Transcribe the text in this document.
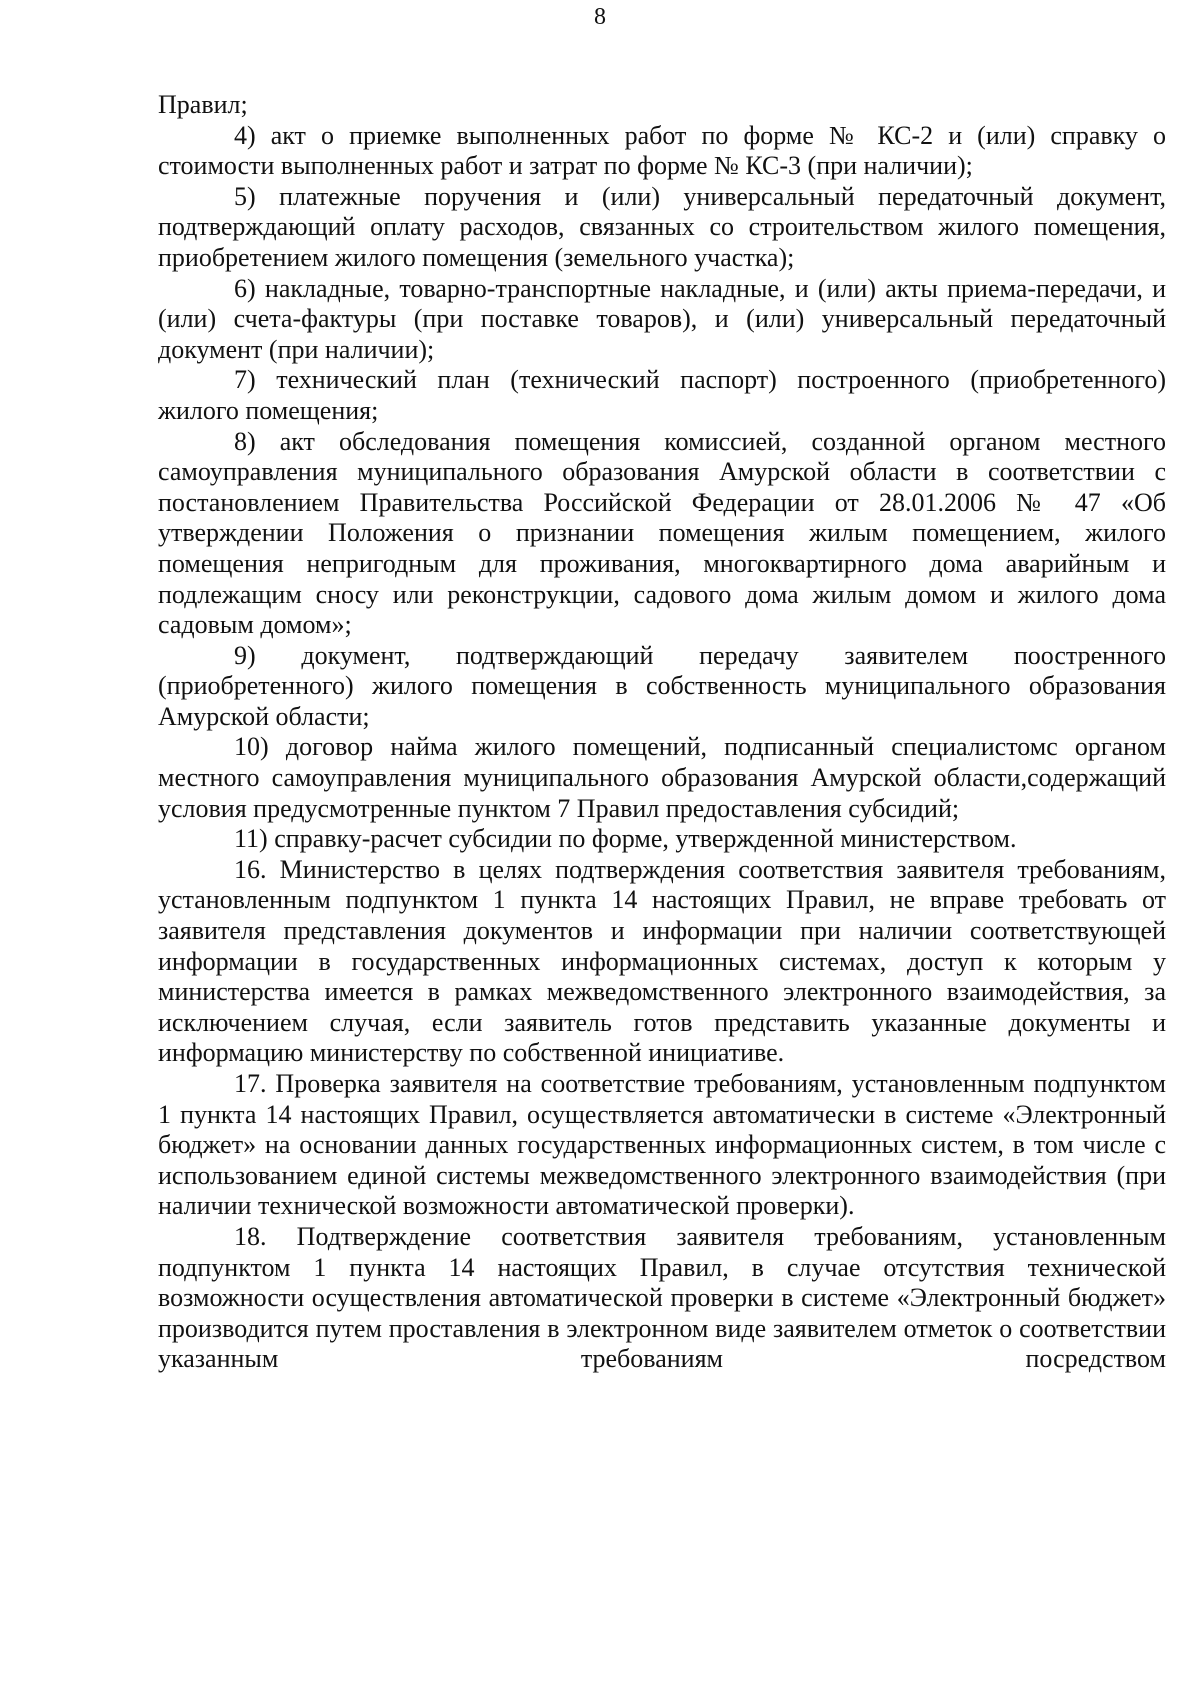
8

Правил;

4) акт о приемке выполненных работ по форме № КС-2 и (или) справку о стоимости выполненных работ и затрат по форме № КС-3 (при наличии);

5) платежные поручения и (или) универсальный передаточный документ, подтверждающий оплату расходов, связанных со строительством жилого помещения, приобретением жилого помещения (земельного участка);

6) накладные, товарно-транспортные накладные, и (или) акты приема-передачи, и (или) счета-фактуры (при поставке товаров), и (или) универсальный передаточный документ (при наличии);

7) технический план (технический паспорт) построенного (приобретенного) жилого помещения;

8) акт обследования помещения комиссией, созданной органом местного самоуправления муниципального образования Амурской области в соответствии с постановлением Правительства Российской Федерации от 28.01.2006 № 47 «Об утверждении Положения о признании помещения жилым помещением, жилого помещения непригодным для проживания, многоквартирного дома аварийным и подлежащим сносу или реконструкции, садового дома жилым домом и жилого дома садовым домом»;

9) документ, подтверждающий передачу заявителем поостренного (приобретенного) жилого помещения в собственность муниципального образования Амурской области;

10) договор найма жилого помещений, подписанный специалистомс органом местного самоуправления муниципального образования Амурской области,содержащий условия предусмотренные пунктом 7 Правил предоставления субсидий;

11) справку-расчет субсидии по форме, утвержденной министерством.

16. Министерство в целях подтверждения соответствия заявителя требованиям, установленным подпунктом 1 пункта 14 настоящих Правил, не вправе требовать от заявителя представления документов и информации при наличии соответствующей информации в государственных информационных системах, доступ к которым у министерства имеется в рамках межведомственного электронного взаимодействия, за исключением случая, если заявитель готов представить указанные документы и информацию министерству по собственной инициативе.

17. Проверка заявителя на соответствие требованиям, установленным подпунктом 1 пункта 14 настоящих Правил, осуществляется автоматически в системе «Электронный бюджет» на основании данных государственных информационных систем, в том числе с использованием единой системы межведомственного электронного взаимодействия (при наличии технической возможности автоматической проверки).

18. Подтверждение соответствия заявителя требованиям, установленным подпунктом 1 пункта 14 настоящих Правил, в случае отсутствия технической возможности осуществления автоматической проверки в системе «Электронный бюджет» производится путем проставления в электронном виде заявителем отметок о соответствии указанным требованиям посредством
